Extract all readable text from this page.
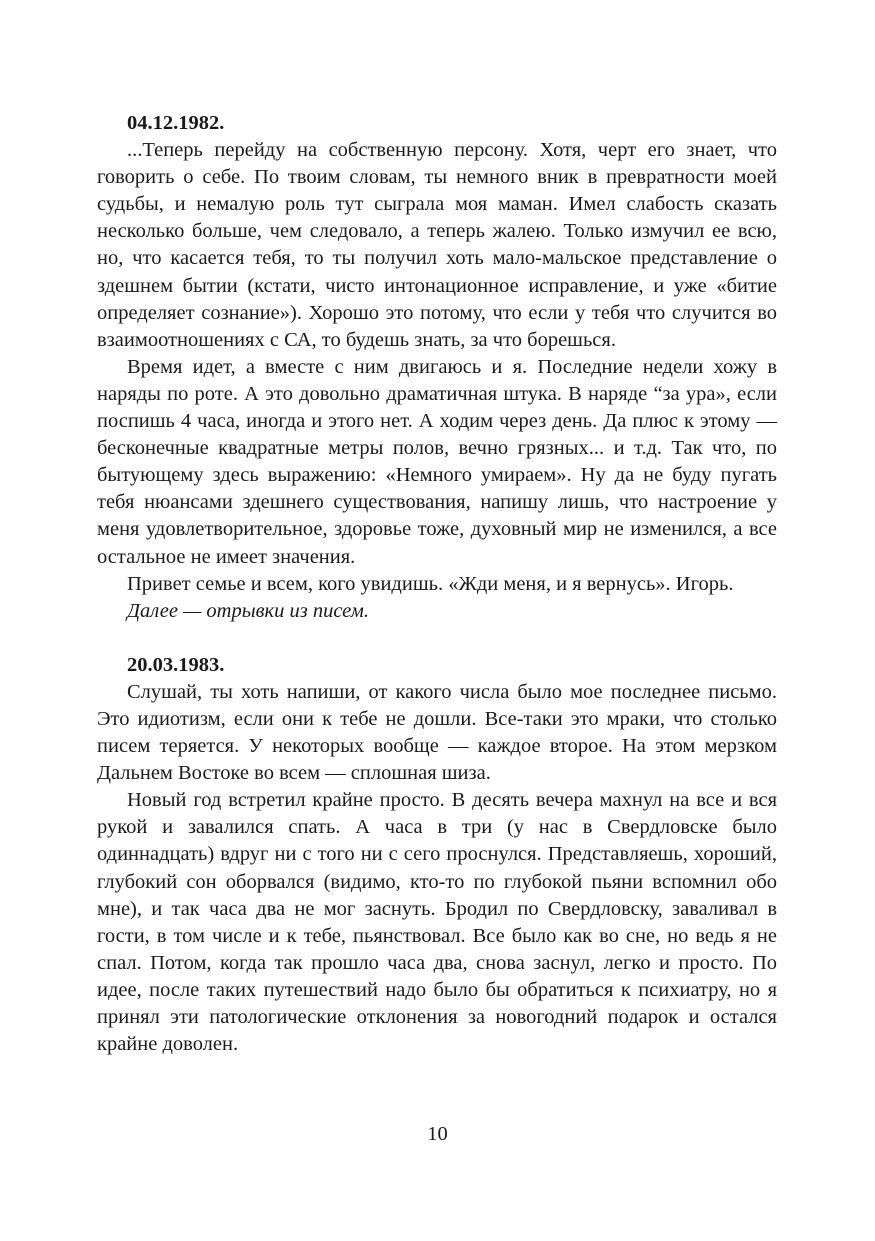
04.12.1982.

...Теперь перейду на собственную персону. Хотя, черт его знает, что говорить о себе. По твоим словам, ты немного вник в превратности моей судьбы, и немалую роль тут сыграла моя маман. Имел слабость сказать несколько больше, чем следовало, а теперь жалею. Только измучил ее всю, но, что касается тебя, то ты получил хоть мало-мальское представление о здешнем бытии (кстати, чисто интонационное исправление, и уже «битие определяет сознание»). Хорошо это потому, что если у тебя что случится во взаимоотношениях с СА, то будешь знать, за что борешься.

Время идет, а вместе с ним двигаюсь и я. Последние недели хожу в наряды по роте. А это довольно драматичная штука. В наряде “за ура», если поспишь 4 часа, иногда и этого нет. А ходим через день. Да плюс к этому — бесконечные квадратные метры полов, вечно грязных... и т.д. Так что, по бытующему здесь выражению: «Немного умираем». Ну да не буду пугать тебя нюансами здешнего существования, напишу лишь, что настроение у меня удовлетворительное, здоровье тоже, духовный мир не изменился, а все остальное не имеет значения.

Привет семье и всем, кого увидишь. «Жди меня, и я вернусь». Игорь.

Далее — отрывки из писем.

20.03.1983.

Слушай, ты хоть напиши, от какого числа было мое последнее письмо. Это идиотизм, если они к тебе не дошли. Все-таки это мраки, что столько писем теряется. У некоторых вообще — каждое второе. На этом мерзком Дальнем Востоке во всем — сплошная шиза.

Новый год встретил крайне просто. В десять вечера махнул на все и вся рукой и завалился спать. А часа в три (у нас в Свердловске было одиннадцать) вдруг ни с того ни с сего проснулся. Представляешь, хороший, глубокий сон оборвался (видимо, кто-то по глубокой пьяни вспомнил обо мне), и так часа два не мог заснуть. Бродил по Свердловску, заваливал в гости, в том числе и к тебе, пьянствовал. Все было как во сне, но ведь я не спал. Потом, когда так прошло часа два, снова заснул, легко и просто. По идее, после таких путешествий надо было бы обратиться к психиатру, но я принял эти патологические отклонения за новогодний подарок и остался крайне доволен.

10
